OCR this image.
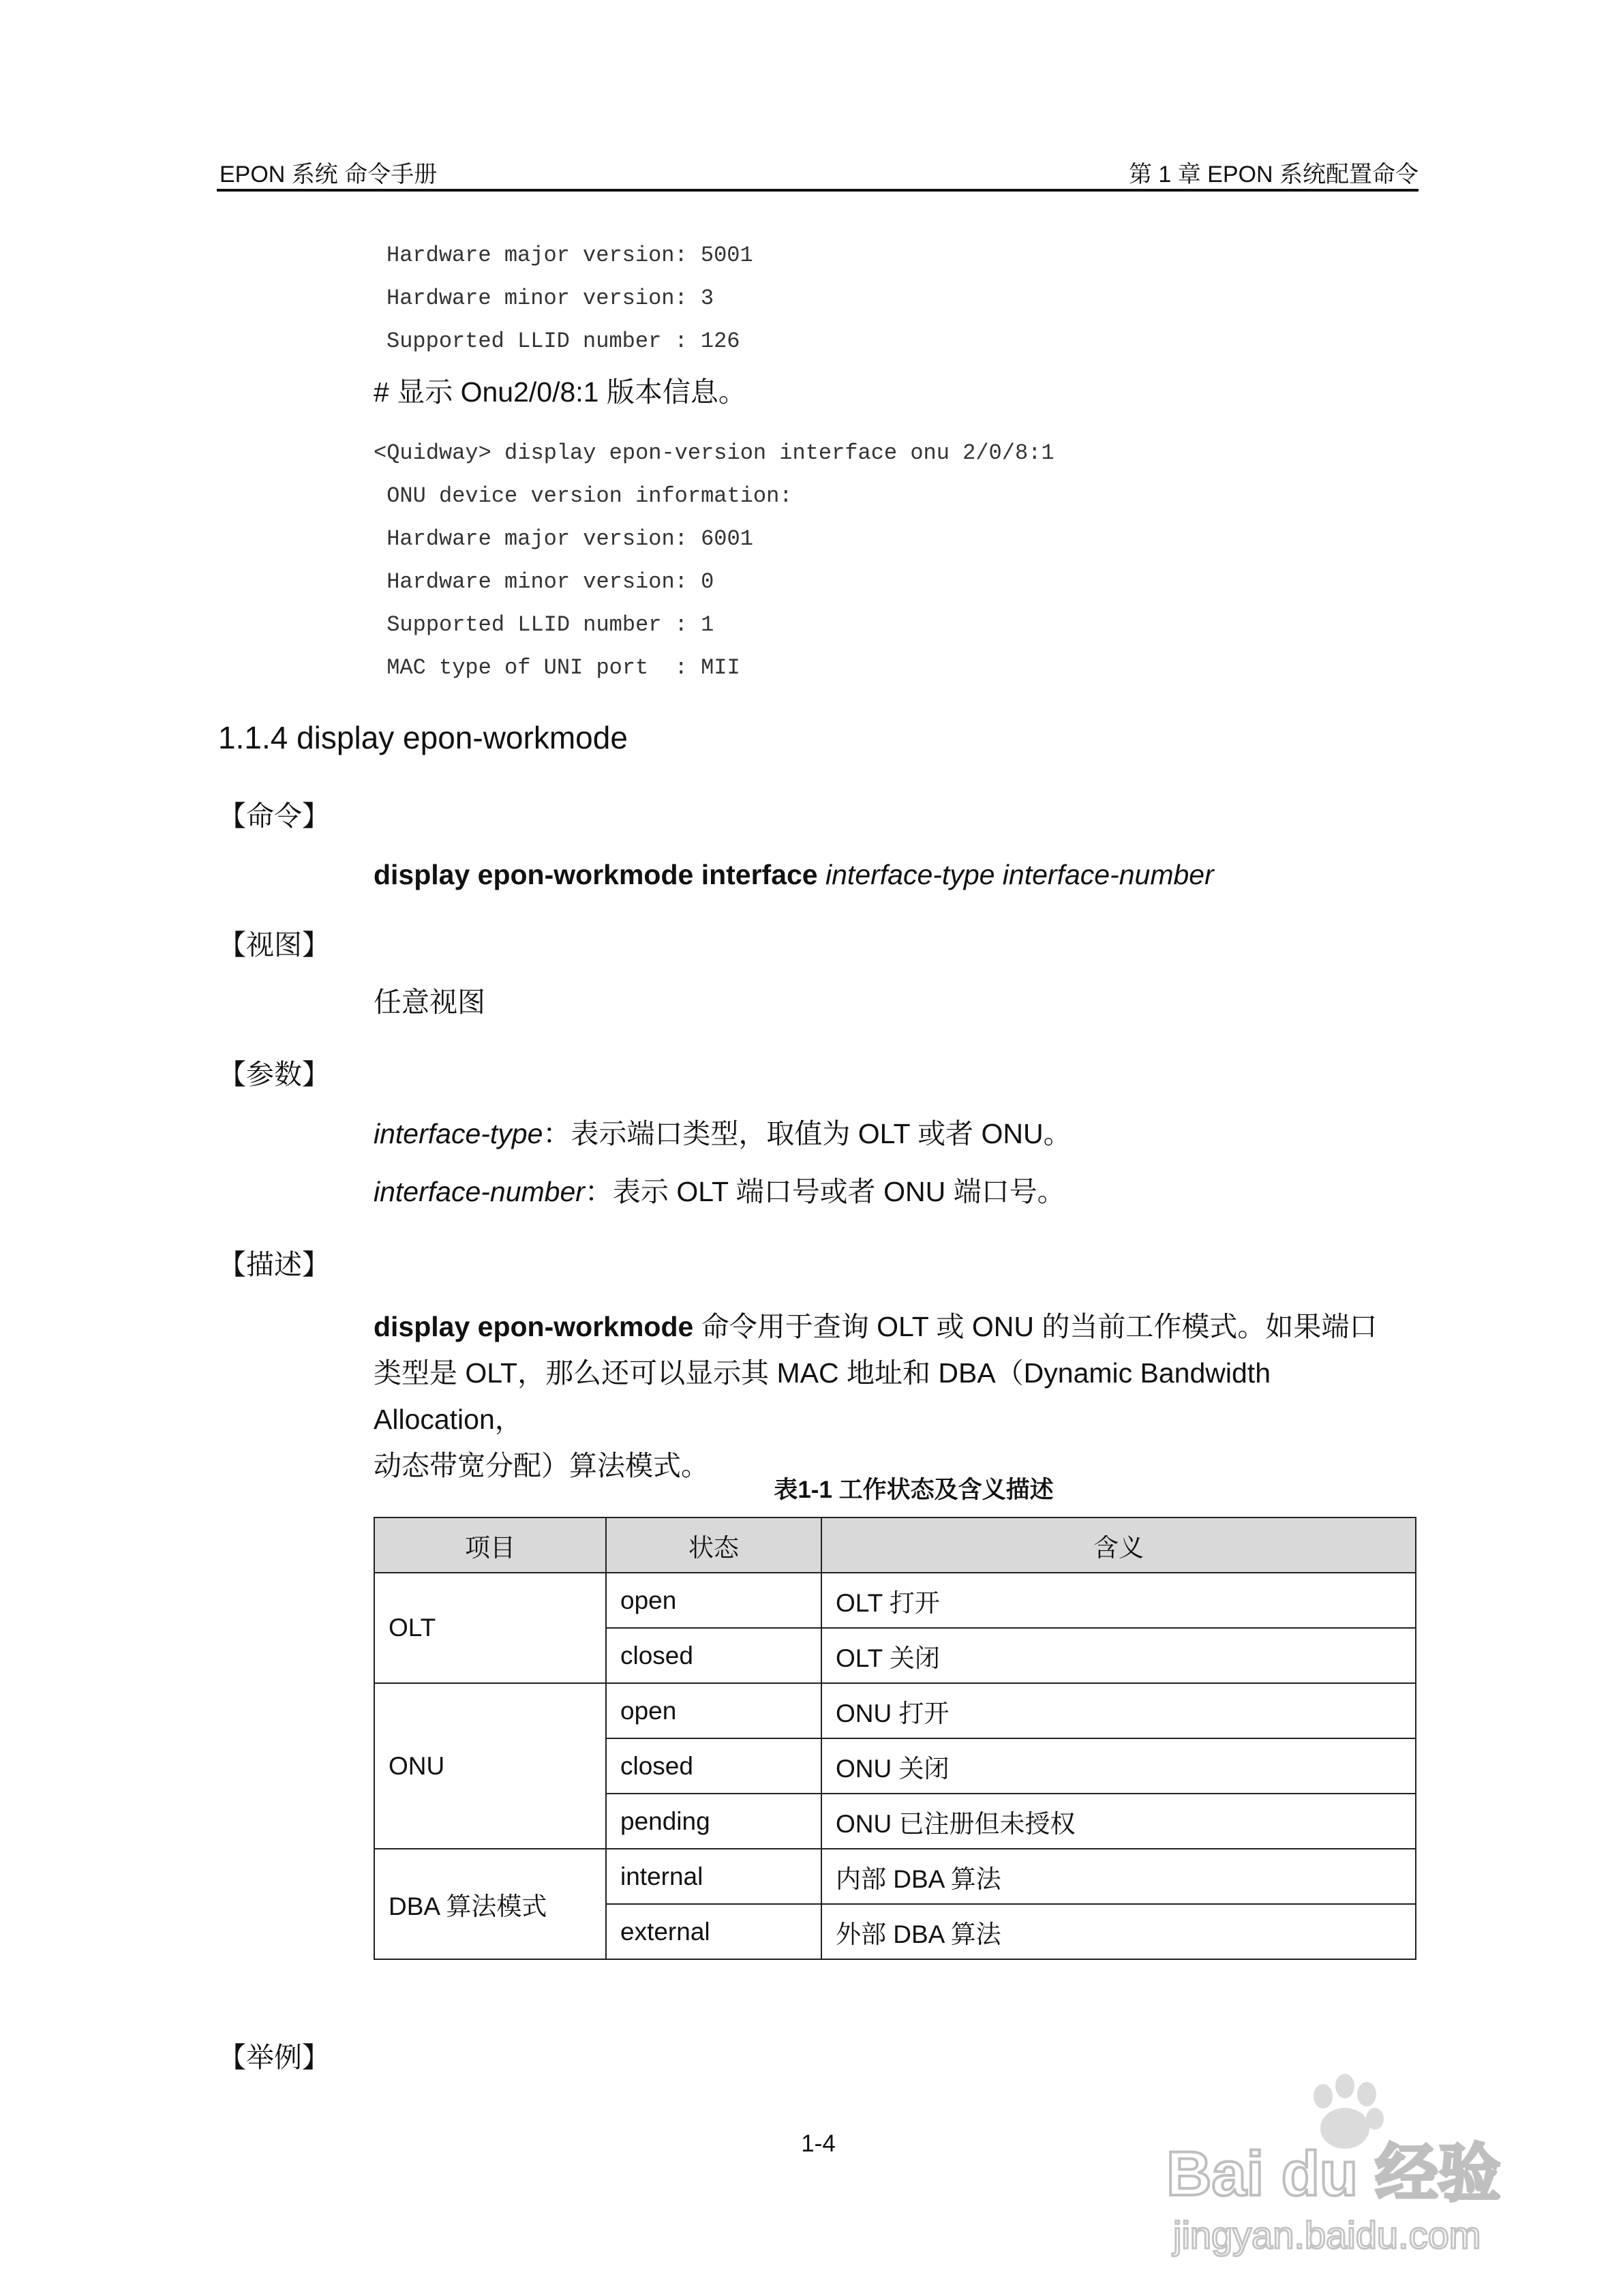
EPON 系统 命令手册	第 1 章 EPON 系统配置命令
Hardware major version: 5001
Hardware minor version: 3
Supported LLID number : 126
# 显示 Onu2/0/8:1 版本信息。
<Quidway> display epon-version interface onu 2/0/8:1
ONU device version information:
Hardware major version: 6001
Hardware minor version: 0
Supported LLID number : 1
MAC type of UNI port  : MII
1.1.4 display epon-workmode
【命令】
display epon-workmode interface interface-type interface-number
【视图】
任意视图
【参数】
interface-type：表示端口类型，取值为 OLT 或者 ONU。
interface-number：表示 OLT 端口号或者 ONU 端口号。
【描述】
display epon-workmode 命令用于查询 OLT 或 ONU 的当前工作模式。如果端口
类型是 OLT，那么还可以显示其 MAC 地址和 DBA（Dynamic Bandwidth Allocation，
动态带宽分配）算法模式。
表1-1 工作状态及含义描述
项目	状态	含义
OLT	open	OLT 打开
	closed	OLT 关闭
ONU	open	ONU 打开
	closed	ONU 关闭
	pending	ONU 已注册但未授权
DBA 算法模式	internal	内部 DBA 算法
	external	外部 DBA 算法
【举例】
1-4	Bai du 经验
jingyan.baidu.com
